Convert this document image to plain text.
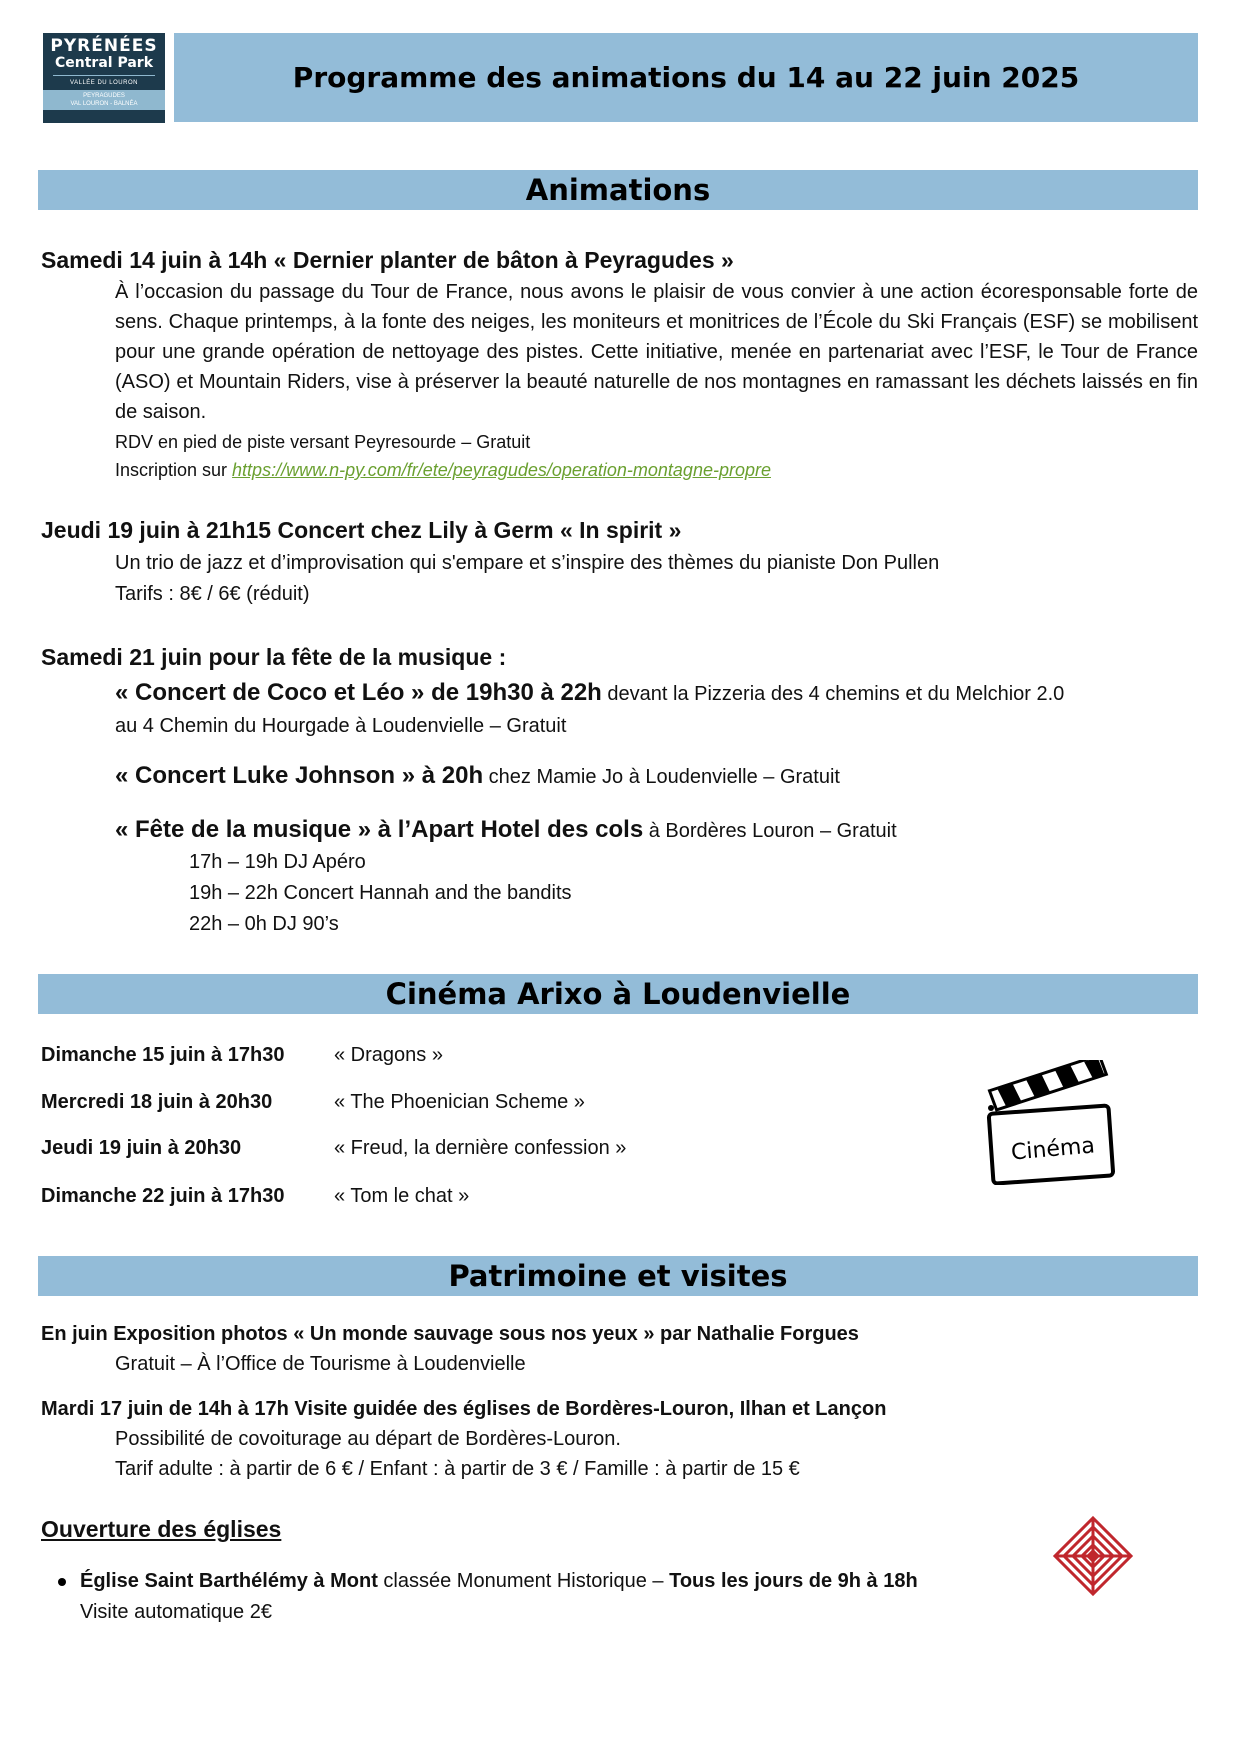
PYRÉNÉES
Central Park
VALLÉE DU LOURON
PEYRAGUDES
VAL LOURON - BALNÉA
Programme des animations du 14 au 22 juin 2025
Animations
Samedi 14 juin à 14h « Dernier planter de bâton à Peyragudes »
À l’occasion du passage du Tour de France, nous avons le plaisir de vous convier à une action écoresponsable forte de sens. Chaque printemps, à la fonte des neiges, les moniteurs et monitrices de l’École du Ski Français (ESF) se mobilisent pour une grande opération de nettoyage des pistes. Cette initiative, menée en partenariat avec l’ESF, le Tour de France (ASO) et Mountain Riders, vise à préserver la beauté naturelle de nos montagnes en ramassant les déchets laissés en fin de saison.
RDV en pied de piste versant Peyresourde – Gratuit
Inscription sur https://www.n-py.com/fr/ete/peyragudes/operation-montagne-propre
Jeudi 19 juin à 21h15 Concert chez Lily à Germ « In spirit »
Un trio de jazz et d’improvisation qui s'empare et s’inspire des thèmes du pianiste Don Pullen
Tarifs : 8€ / 6€ (réduit)
Samedi 21 juin pour la fête de la musique :
« Concert de Coco et Léo » de 19h30 à 22h devant la Pizzeria des 4 chemins et du Melchior 2.0
au 4 Chemin du Hourgade à Loudenvielle – Gratuit
« Concert Luke Johnson » à 20h chez Mamie Jo à Loudenvielle – Gratuit
« Fête de la musique » à l’Apart Hotel des cols à Bordères Louron – Gratuit
17h – 19h DJ Apéro
19h – 22h Concert Hannah and the bandits
22h – 0h DJ 90’s
Cinéma Arixo à Loudenvielle
Dimanche 15 juin à 17h30 « Dragons »
Mercredi 18 juin à 20h30	« The Phoenician Scheme »
Jeudi 19 juin à 20h30	« Freud, la dernière confession »
Dimanche 22 juin à 17h30 « Tom le chat »
Cinéma
Patrimoine et visites
En juin Exposition photos « Un monde sauvage sous nos yeux » par Nathalie Forgues
Gratuit – À l’Office de Tourisme à Loudenvielle
Mardi 17 juin de 14h à 17h Visite guidée des églises de Bordères-Louron, Ilhan et Lançon
Possibilité de covoiturage au départ de Bordères-Louron.
Tarif adulte : à partir de 6 € / Enfant : à partir de 3 € / Famille : à partir de 15 €
Ouverture des églises
Église Saint Barthélémy à Mont classée Monument Historique – Tous les jours de 9h à 18h
Visite automatique 2€
